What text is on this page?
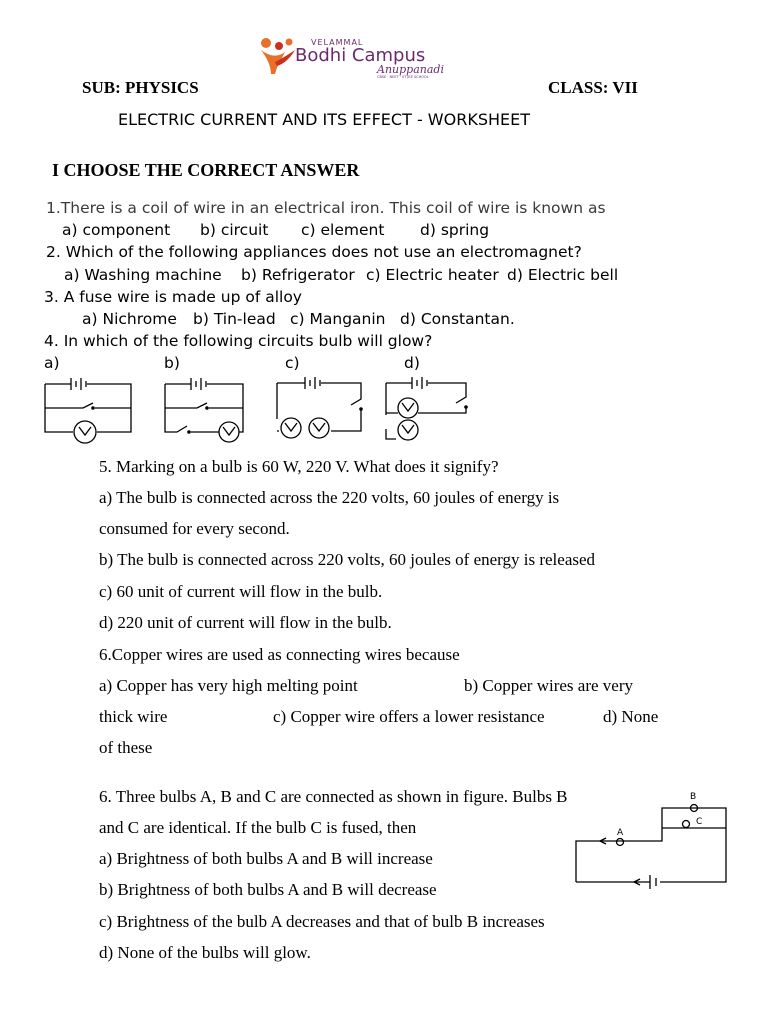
VELAMMAL
Bodhi Campus
Anuppanadi
CBSE · NEET · IIT JEE SCHOOL
SUB: PHYSICS	CLASS: VII
ELECTRIC CURRENT AND ITS EFFECT - WORKSHEET
I CHOOSE THE CORRECT ANSWER
1.There is a coil of wire in an electrical iron. This coil of wire is known as
a) component b) circuit c) element d) spring
2. Which of the following appliances does not use an electromagnet?
a) Washing machine b) Refrigerator c) Electric heater d) Electric bell
3. A fuse wire is made up of alloy
a) Nichrome b) Tin-lead c) Manganin d) Constantan.
4. In which of the following circuits bulb will glow?
a)	b)	c)	d)
5. Marking on a bulb is 60 W, 220 V. What does it signify?
a) The bulb is connected across the 220 volts, 60 joules of energy is
consumed for every second.
b) The bulb is connected across 220 volts, 60 joules of energy is released
c) 60 unit of current will flow in the bulb.
d) 220 unit of current will flow in the bulb.
6.Copper wires are used as connecting wires because
a) Copper has very high melting point	b) Copper wires are very
thick wire	c) Copper wire offers a lower resistance	d) None
of these
6. Three bulbs A, B and C are connected as shown in figure. Bulbs B
and C are identical. If the bulb C is fused, then
a) Brightness of both bulbs A and B will increase
b) Brightness of both bulbs A and B will decrease
c) Brightness of the bulb A decreases and that of bulb B increases
d) None of the bulbs will glow.
A
B
C
